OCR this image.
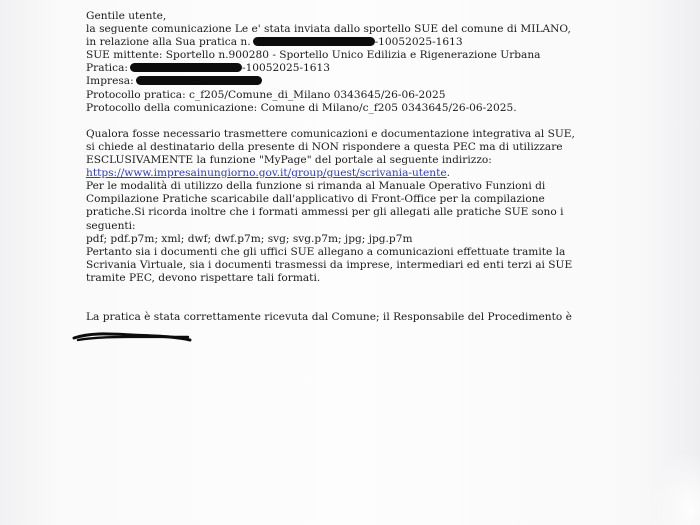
Gentile utente,
la seguente comunicazione Le e' stata inviata dallo sportello SUE del comune di MILANO,
in relazione alla Sua pratica n.	-10052025-1613
SUE mittente: Sportello n.900280 - Sportello Unico Edilizia e Rigenerazione Urbana
Pratica:	-10052025-1613
Impresa:
Protocollo pratica: c_f205/Comune_di_Milano 0343645/26-06-2025
Protocollo della comunicazione: Comune di Milano/c_f205 0343645/26-06-2025.
Qualora fosse necessario trasmettere comunicazioni e documentazione integrativa al SUE,
si chiede al destinatario della presente di NON rispondere a questa PEC ma di utilizzare
ESCLUSIVAMENTE la funzione "MyPage" del portale al seguente indirizzo:
https://www.impresainungiorno.gov.it/group/guest/scrivania-utente.
Per le modalità di utilizzo della funzione si rimanda al Manuale Operativo Funzioni di
Compilazione Pratiche scaricabile dall'applicativo di Front-Office per la compilazione
pratiche.Si ricorda inoltre che i formati ammessi per gli allegati alle pratiche SUE sono i
seguenti:
pdf; pdf.p7m; xml; dwf; dwf.p7m; svg; svg.p7m; jpg; jpg.p7m
Pertanto sia i documenti che gli uffici SUE allegano a comunicazioni effettuate tramite la
Scrivania Virtuale, sia i documenti trasmessi da imprese, intermediari ed enti terzi ai SUE
tramite PEC, devono rispettare tali formati.
La pratica è stata correttamente ricevuta dal Comune; il Responsabile del Procedimento è
